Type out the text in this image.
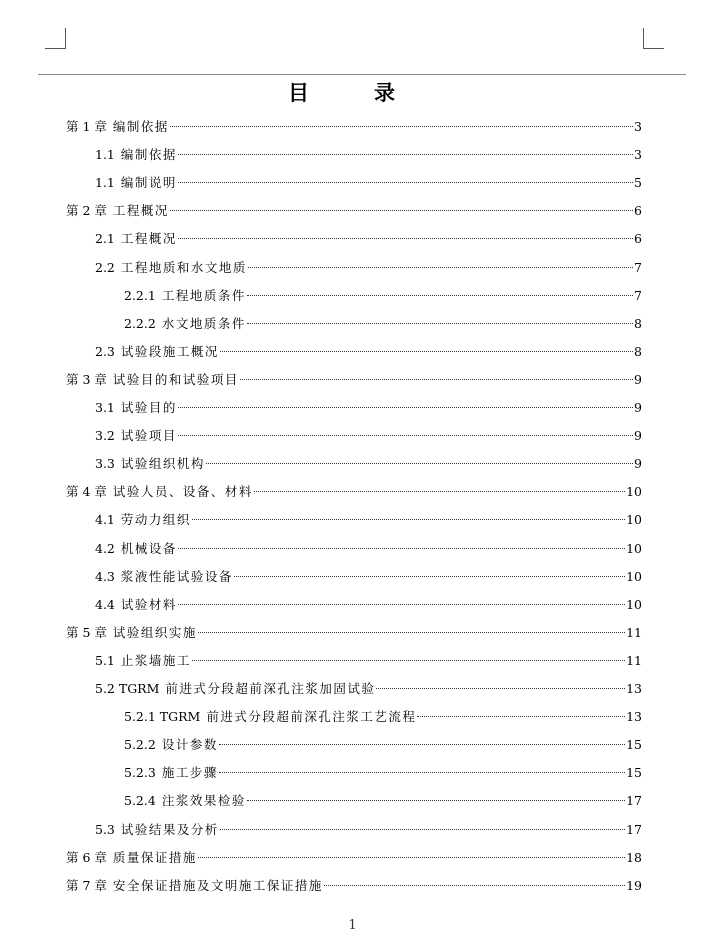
目　录
第 1 章 编制依据	3
1.1 编制依据	3
1.1 编制说明	5
第 2 章 工程概况	6
2.1 工程概况	6
2.2 工程地质和水文地质	7
2.2.1 工程地质条件	7
2.2.2 水文地质条件	8
2.3 试验段施工概况	8
第 3 章 试验目的和试验项目	9
3.1 试验目的	9
3.2 试验项目	9
3.3 试验组织机构	9
第 4 章 试验人员、设备、材料	10
4.1 劳动力组织	10
4.2 机械设备	10
4.3 浆液性能试验设备	10
4.4 试验材料	10
第 5 章 试验组织实施	11
5.1 止浆墙施工	11
5.2 TGRM 前进式分段超前深孔注浆加固试验	13
5.2.1 TGRM 前进式分段超前深孔注浆工艺流程	13
5.2.2 设计参数	15
5.2.3 施工步骤	15
5.2.4 注浆效果检验	17
5.3 试验结果及分析	17
第 6 章 质量保证措施	18
第 7 章 安全保证措施及文明施工保证措施	19
1
